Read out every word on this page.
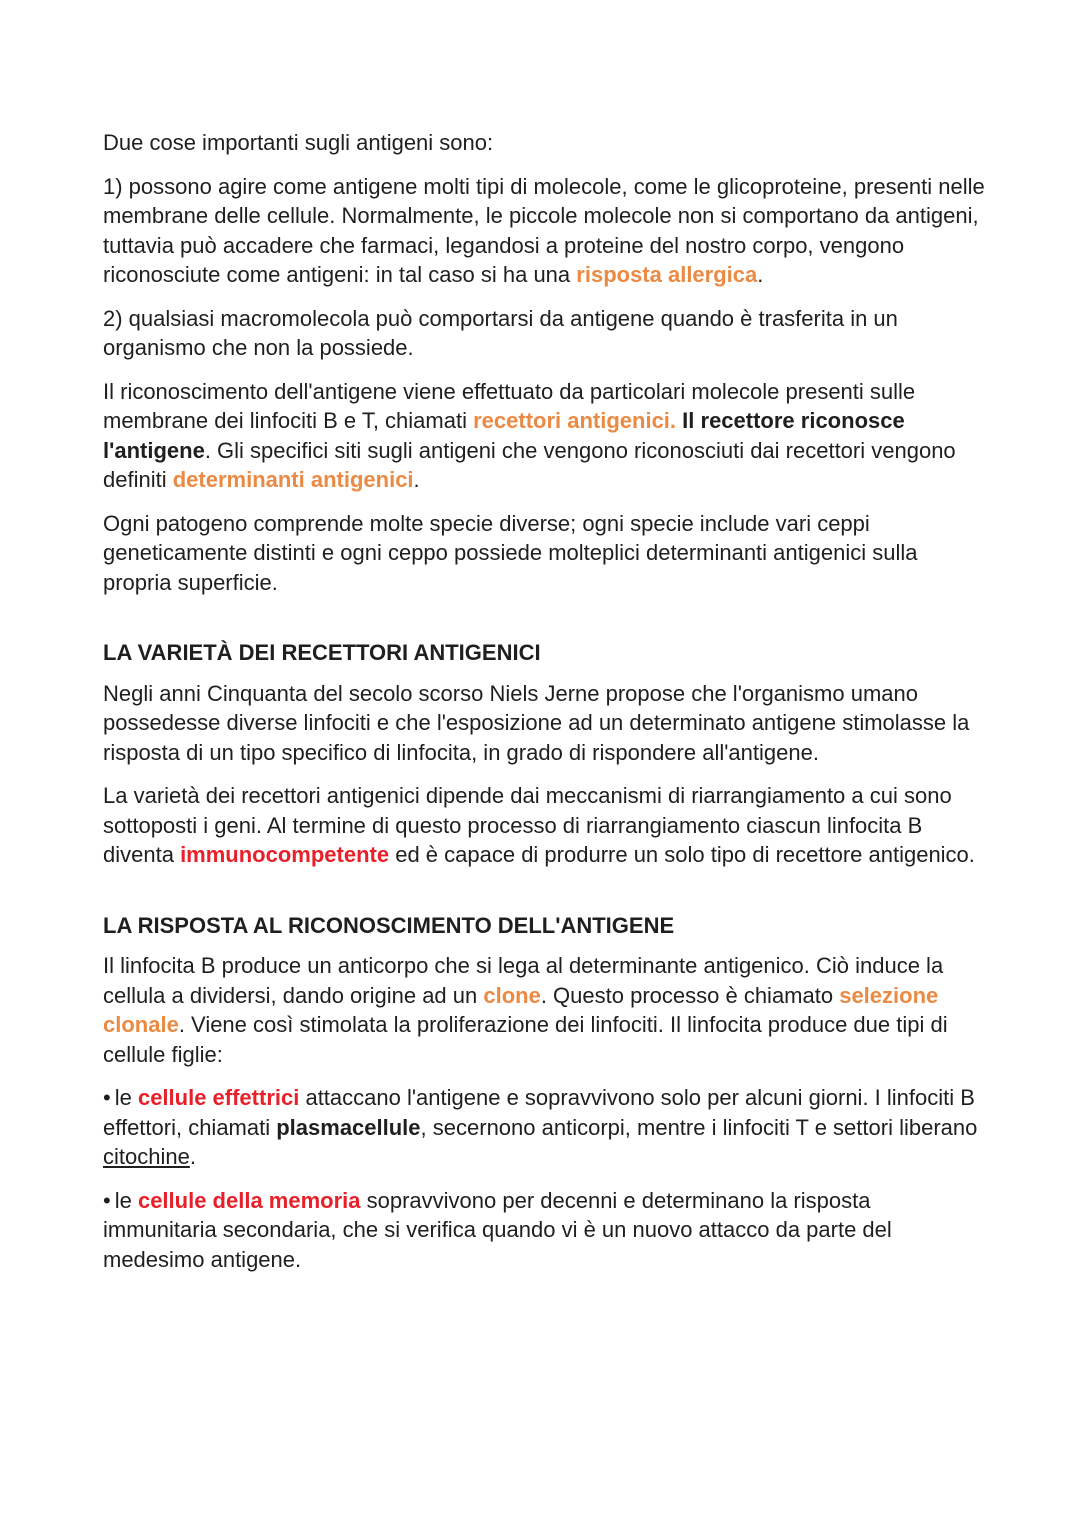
Due cose importanti sugli antigeni sono:

1) possono agire come antigene molti tipi di molecole, come le glicoproteine, presenti nelle membrane delle cellule. Normalmente, le piccole molecole non si comportano da antigeni, tuttavia può accadere che farmaci, legandosi a proteine del nostro corpo, vengono riconosciute come antigeni: in tal caso si ha una risposta allergica.

2) qualsiasi macromolecola può comportarsi da antigene quando è trasferita in un organismo che non la possiede.

Il riconoscimento dell'antigene viene effettuato da particolari molecole presenti sulle membrane dei linfociti B e T, chiamati recettori antigenici. Il recettore riconosce l'antigene. Gli specifici siti sugli antigeni che vengono riconosciuti dai recettori vengono definiti determinanti antigenici.

Ogni patogeno comprende molte specie diverse; ogni specie include vari ceppi geneticamente distinti e ogni ceppo possiede molteplici determinanti antigenici sulla propria superficie.

LA VARIETÀ DEI RECETTORI ANTIGENICI

Negli anni Cinquanta del secolo scorso Niels Jerne propose che l'organismo umano possedesse diverse linfociti e che l'esposizione ad un determinato antigene stimolasse la risposta di un tipo specifico di linfocita, in grado di rispondere all'antigene.

La varietà dei recettori antigenici dipende dai meccanismi di riarrangiamento a cui sono sottoposti i geni. Al termine di questo processo di riarrangiamento ciascun linfocita B diventa immunocompetente ed è capace di produrre un solo tipo di recettore antigenico.

LA RISPOSTA AL RICONOSCIMENTO DELL'ANTIGENE

Il linfocita B produce un anticorpo che si lega al determinante antigenico. Ciò induce la cellula a dividersi, dando origine ad un clone. Questo processo è chiamato selezione clonale. Viene così stimolata la proliferazione dei linfociti. Il linfocita produce due tipi di cellule figlie:

• le cellule effettrici attaccano l'antigene e sopravvivono solo per alcuni giorni. I linfociti B effettori, chiamati plasmacellule, secernono anticorpi, mentre i linfociti T e settori liberano citochine.

• le cellule della memoria sopravvivono per decenni e determinano la risposta immunitaria secondaria, che si verifica quando vi è un nuovo attacco da parte del medesimo antigene.
